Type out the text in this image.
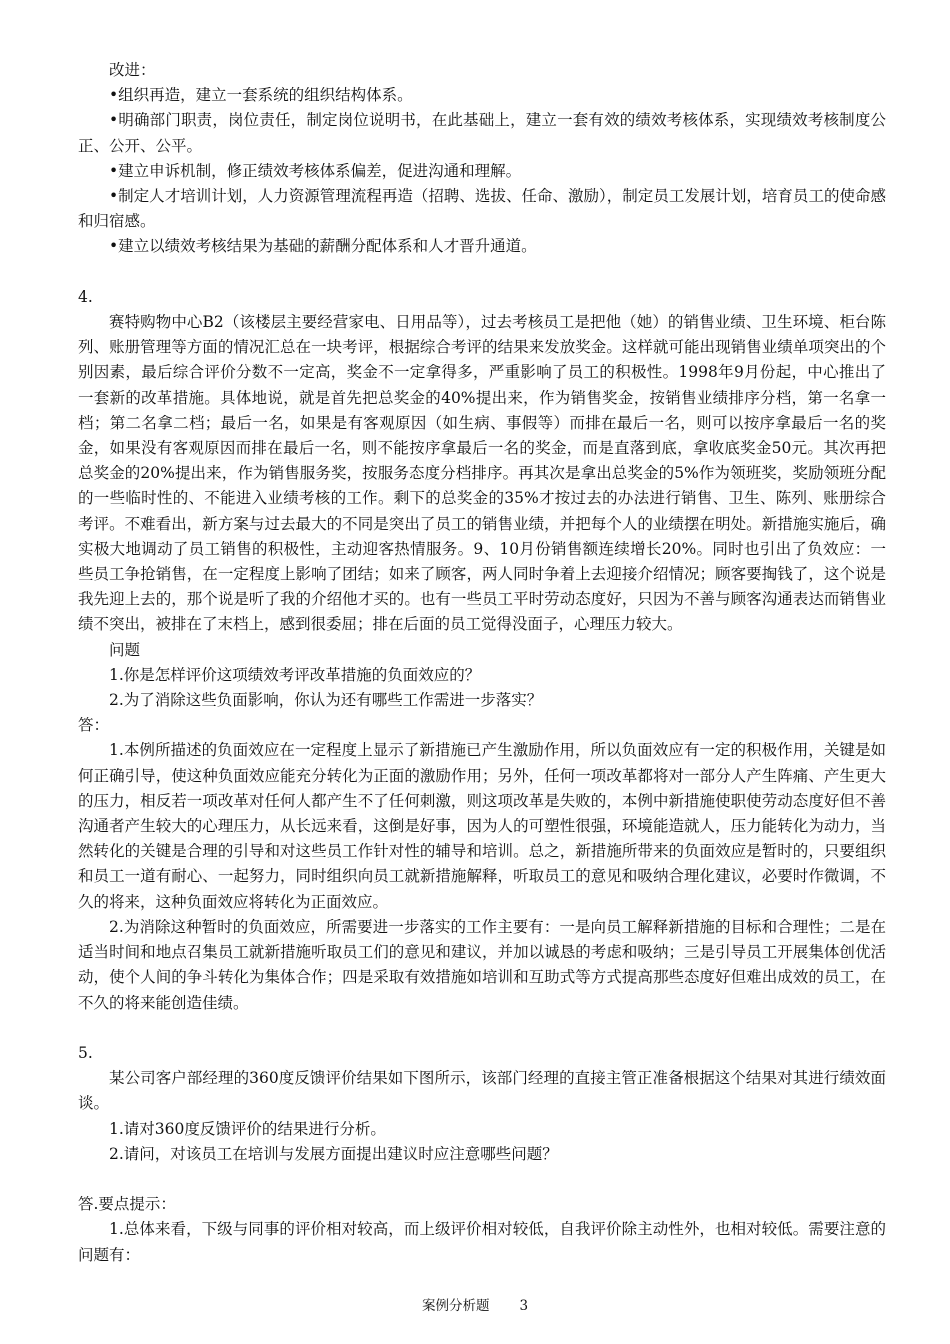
改进：

•组织再造，建立一套系统的组织结构体系。

•明确部门职责，岗位责任，制定岗位说明书，在此基础上，建立一套有效的绩效考核体系，实现绩效考核制度公正、公开、公平。

•建立申诉机制，修正绩效考核体系偏差，促进沟通和理解。

•制定人才培训计划，人力资源管理流程再造（招聘、选拔、任命、激励），制定员工发展计划，培育员工的使命感和归宿感。

•建立以绩效考核结果为基础的薪酬分配体系和人才晋升通道。

4.

赛特购物中心B2（该楼层主要经营家电、日用品等），过去考核员工是把他（她）的销售业绩、卫生环境、柜台陈列、账册管理等方面的情况汇总在一块考评，根据综合考评的结果来发放奖金。这样就可能出现销售业绩单项突出的个别因素，最后综合评价分数不一定高，奖金不一定拿得多，严重影响了员工的积极性。1998年9月份起，中心推出了一套新的改革措施。具体地说，就是首先把总奖金的40%提出来，作为销售奖金，按销售业绩排序分档，第一名拿一档；第二名拿二档；最后一名，如果是有客观原因（如生病、事假等）而排在最后一名，则可以按序拿最后一名的奖金，如果没有客观原因而排在最后一名，则不能按序拿最后一名的奖金，而是直落到底，拿收底奖金50元。其次再把总奖金的20%提出来，作为销售服务奖，按服务态度分档排序。再其次是拿出总奖金的5%作为领班奖，奖励领班分配的一些临时性的、不能进入业绩考核的工作。剩下的总奖金的35%才按过去的办法进行销售、卫生、陈列、账册综合考评。不难看出，新方案与过去最大的不同是突出了员工的销售业绩，并把每个人的业绩摆在明处。新措施实施后，确实极大地调动了员工销售的积极性，主动迎客热情服务。9、10月份销售额连续增长20%。同时也引出了负效应：一些员工争抢销售，在一定程度上影响了团结；如来了顾客，两人同时争着上去迎接介绍情况；顾客要掏钱了，这个说是我先迎上去的，那个说是听了我的介绍他才买的。也有一些员工平时劳动态度好，只因为不善与顾客沟通表达而销售业绩不突出，被排在了末档上，感到很委屈；排在后面的员工觉得没面子，心理压力较大。

问题

1.你是怎样评价这项绩效考评改革措施的负面效应的？

2.为了消除这些负面影响，你认为还有哪些工作需进一步落实？

答：

1.本例所描述的负面效应在一定程度上显示了新措施已产生激励作用，所以负面效应有一定的积极作用，关键是如何正确引导，使这种负面效应能充分转化为正面的激励作用；另外，任何一项改革都将对一部分人产生阵痛、产生更大的压力，相反若一项改革对任何人都产生不了任何刺激，则这项改革是失败的，本例中新措施使职使劳动态度好但不善沟通者产生较大的心理压力，从长远来看，这倒是好事，因为人的可塑性很强，环境能造就人，压力能转化为动力，当然转化的关键是合理的引导和对这些员工作针对性的辅导和培训。总之，新措施所带来的负面效应是暂时的，只要组织和员工一道有耐心、一起努力，同时组织向员工就新措施解释，听取员工的意见和吸纳合理化建议，必要时作微调，不久的将来，这种负面效应将转化为正面效应。

2.为消除这种暂时的负面效应，所需要进一步落实的工作主要有：一是向员工解释新措施的目标和合理性；二是在适当时间和地点召集员工就新措施听取员工们的意见和建议，并加以诚恳的考虑和吸纳；三是引导员工开展集体创优活动，使个人间的争斗转化为集体合作；四是采取有效措施如培训和互助式等方式提高那些态度好但难出成效的员工，在不久的将来能创造佳绩。

5.

某公司客户部经理的360度反馈评价结果如下图所示，该部门经理的直接主管正准备根据这个结果对其进行绩效面谈。

1.请对360度反馈评价的结果进行分析。

2.请问，对该员工在培训与发展方面提出建议时应注意哪些问题？

答.要点提示：

1.总体来看，下级与同事的评价相对较高，而上级评价相对较低，自我评价除主动性外，也相对较低。需要注意的问题有：

案例分析题 3
